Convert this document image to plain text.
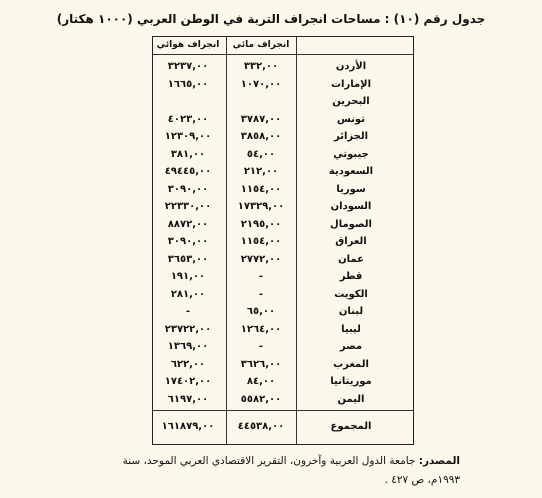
جدول رقم (١٠) : مساحات انجراف التربة في الوطن العربي (١٠٠٠ هكتار)
انجراف هوائي	انجراف مائي
المجموع
٤٤٥٣٨,٠٠
١٦١٨٧٩,٠٠
الأردن
٣٣٢,٠٠
٣٢٣٧,٠٠
الإمارات
١٠٧٠,٠٠
١٦٦٥,٠٠
البحرين
تونس
٣٧٨٧,٠٠
٤٠٢٣,٠٠
الجزائر
٣٨٥٨,٠٠
١٢٣٠٩,٠٠
جيبوتي
٥٤,٠٠
٣٨١,٠٠
السعودية
٢١٢,٠٠
٤٩٤٤٥,٠٠
سوريا
١١٥٤,٠٠
٣٠٩٠,٠٠
السودان
١٧٣٢٩,٠٠
٢٢٣٣٠,٠٠
الصومال
٢١٩٥,٠٠
٨٨٧٢,٠٠
العراق
١١٥٤,٠٠
٣٠٩٠,٠٠
عمان
٢٧٧٢,٠٠
٣٦٥٣,٠٠
قطر
-
١٩١,٠٠
الكويت
-
٢٨١,٠٠
لبنان
٦٥,٠٠
-
ليبيا
١٢٦٤,٠٠
٢٣٧٢٢,٠٠
مصر
-
١٣٦٩,٠٠
المغرب
٣٦٢٦,٠٠
٦٢٢,٠٠
موريتانيا
٨٤,٠٠
١٧٤٠٢,٠٠
اليمن
٥٥٨٢,٠٠
٦١٩٧,٠٠
المصدر: جامعة الدول العربية وآخرون، التقرير الاقتصادي العربي الموحد، سنة
١٩٩٣م، ص ٤٢٧ .
